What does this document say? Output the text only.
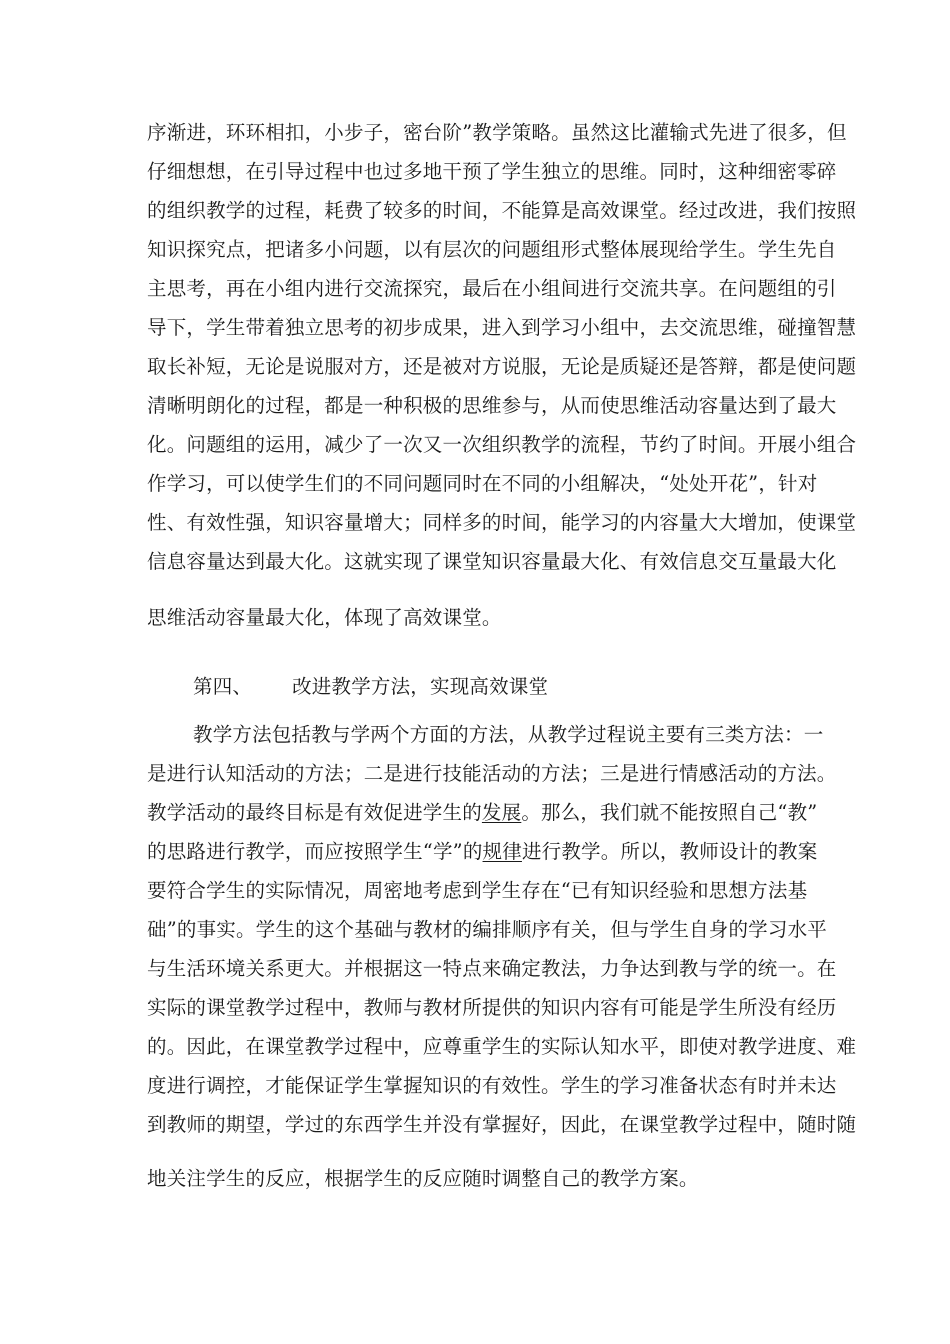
序渐进，环环相扣，小步子，密台阶”教学策略。虽然这比灌输式先进了很多，但

仔细想想，在引导过程中也过多地干预了学生独立的思维。同时，这种细密零碎

的组织教学的过程，耗费了较多的时间，不能算是高效课堂。经过改进，我们按照

知识探究点，把诸多小问题，以有层次的问题组形式整体展现给学生。学生先自

主思考，再在小组内进行交流探究，最后在小组间进行交流共享。在问题组的引

导下，学生带着独立思考的初步成果，进入到学习小组中，去交流思维，碰撞智慧

取长补短，无论是说服对方，还是被对方说服，无论是质疑还是答辩，都是使问题

清晰明朗化的过程，都是一种积极的思维参与，从而使思维活动容量达到了最大

化。问题组的运用，减少了一次又一次组织教学的流程，节约了时间。开展小组合

作学习，可以使学生们的不同问题同时在不同的小组解决，“处处开花”，针对

性、有效性强，知识容量增大；同样多的时间，能学习的内容量大大增加，使课堂

信息容量达到最大化。这就实现了课堂知识容量最大化、有效信息交互量最大化

思维活动容量最大化，体现了高效课堂。

第四、 改进教学方法，实现高效课堂

教学方法包括教与学两个方面的方法，从教学过程说主要有三类方法：一

是进行认知活动的方法；二是进行技能活动的方法；三是进行情感活动的方法。

教学活动的最终目标是有效促进学生的发展。那么，我们就不能按照自己“教”

的思路进行教学，而应按照学生“学”的规律进行教学。所以，教师设计的教案

要符合学生的实际情况，周密地考虑到学生存在“已有知识经验和思想方法基

础”的事实。学生的这个基础与教材的编排顺序有关，但与学生自身的学习水平

与生活环境关系更大。并根据这一特点来确定教法，力争达到教与学的统一。在

实际的课堂教学过程中，教师与教材所提供的知识内容有可能是学生所没有经历

的。因此，在课堂教学过程中，应尊重学生的实际认知水平，即使对教学进度、难

度进行调控，才能保证学生掌握知识的有效性。学生的学习准备状态有时并未达

到教师的期望，学过的东西学生并没有掌握好，因此，在课堂教学过程中，随时随

地关注学生的反应，根据学生的反应随时调整自己的教学方案。
